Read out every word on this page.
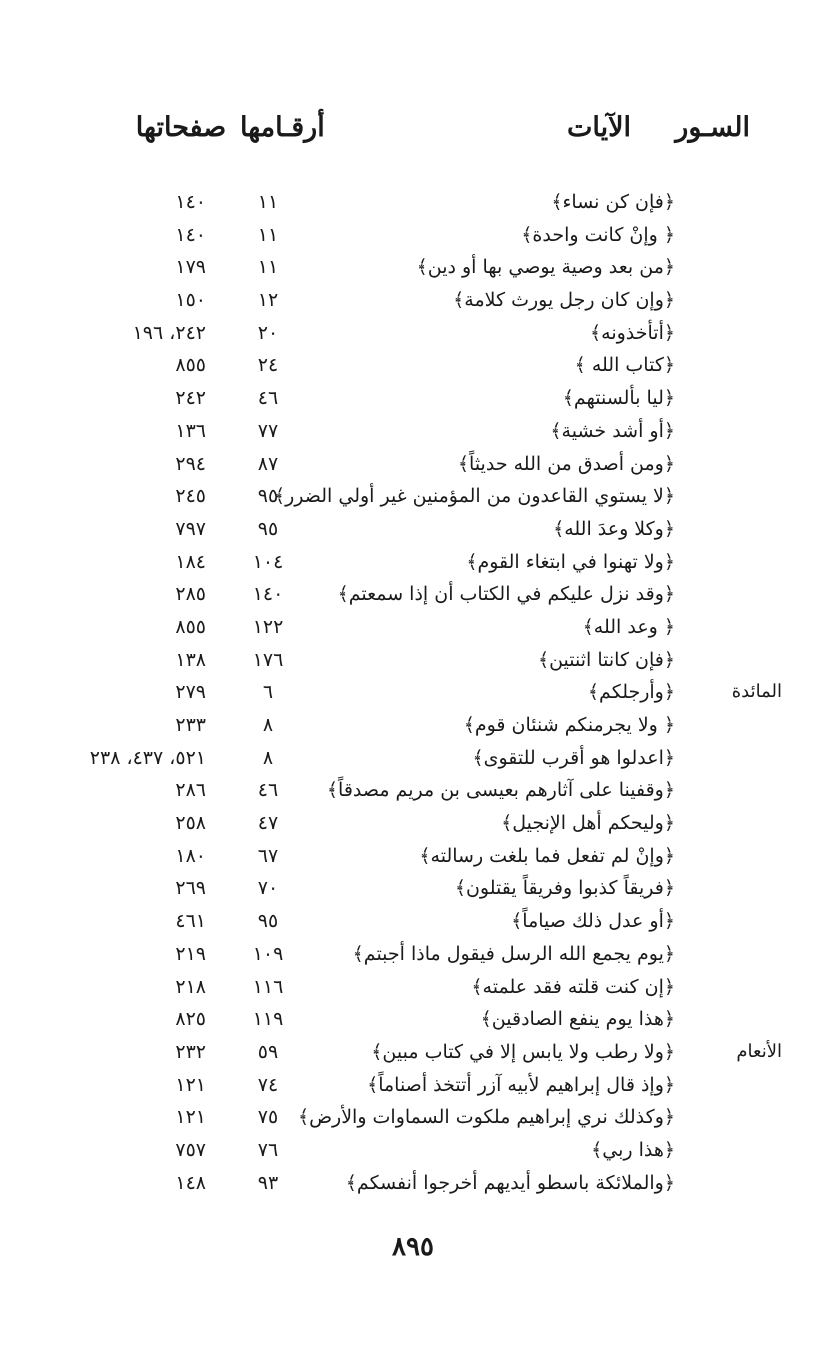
السـور
الآيات
أرقـامها
صفحاتها
﴿فإن كن نساء﴾
١١
١٤٠
﴿ وإنْ كانت واحدة﴾
١١
١٤٠
﴿من بعد وصية يوصي بها أو دين﴾
١١
١٧٩
﴿وإن كان رجل يورث كلامة﴾
١٢
١٥٠
﴿أتأخذونه﴾
٢٠
٢٤٢، ١٩٦
﴿كتاب الله ﴾
٢٤
٨٥٥
﴿ليا بألسنتهم﴾
٤٦
٢٤٢
﴿أو أشد خشية﴾
٧٧
١٣٦
﴿ومن أصدق من الله حديثاً﴾
٨٧
٢٩٤
﴿لا يستوي القاعدون من المؤمنين غير أولي الضرر﴾
٩٥
٢٤٥
﴿وكلا وعدَ الله﴾
٩٥
٧٩٧
﴿ولا تهنوا في ابتغاء القوم﴾
١٠٤
١٨٤
﴿وقد نزل عليكم في الكتاب أن إذا سمعتم﴾
١٤٠
٢٨٥
﴿ وعد الله﴾
١٢٢
٨٥٥
﴿فإن كانتا اثنتين﴾
١٧٦
١٣٨
المائدة
﴿وأرجلكم﴾
٦
٢٧٩
﴿ ولا يجرمنكم شنئان قوم﴾
٨
٢٣٣
﴿اعدلوا هو أقرب للتقوى﴾
٨
٥٢١، ٤٣٧، ٢٣٨
﴿وقفينا على آثارهم بعيسى بن مريم مصدقاً﴾
٤٦
٢٨٦
﴿وليحكم أهل الإنجيل﴾
٤٧
٢٥٨
﴿وإنْ لم تفعل فما بلغت رسالته﴾
٦٧
١٨٠
﴿فريقاً كذبوا وفريقاً يقتلون﴾
٧٠
٢٦٩
﴿أو عدل ذلك صياماً﴾
٩٥
٤٦١
﴿يوم يجمع الله الرسل فيقول ماذا أجبتم﴾
١٠٩
٢١٩
﴿إن كنت قلته فقد علمته﴾
١١٦
٢١٨
﴿هذا يوم ينفع الصادقين﴾
١١٩
٨٢٥
الأنعام
﴿ولا رطب ولا يابس إلا في كتاب مبين﴾
٥٩
٢٣٢
﴿وإذ قال إبراهيم لأبيه آزر أتتخذ أصناماً﴾
٧٤
١٢١
﴿وكذلك نري إبراهيم ملكوت السماوات والأرض﴾
٧٥
١٢١
﴿هذا ربي﴾
٧٦
٧٥٧
﴿والملائكة باسطو أيديهم أخرجوا أنفسكم﴾
٩٣
١٤٨
٨٩٥
